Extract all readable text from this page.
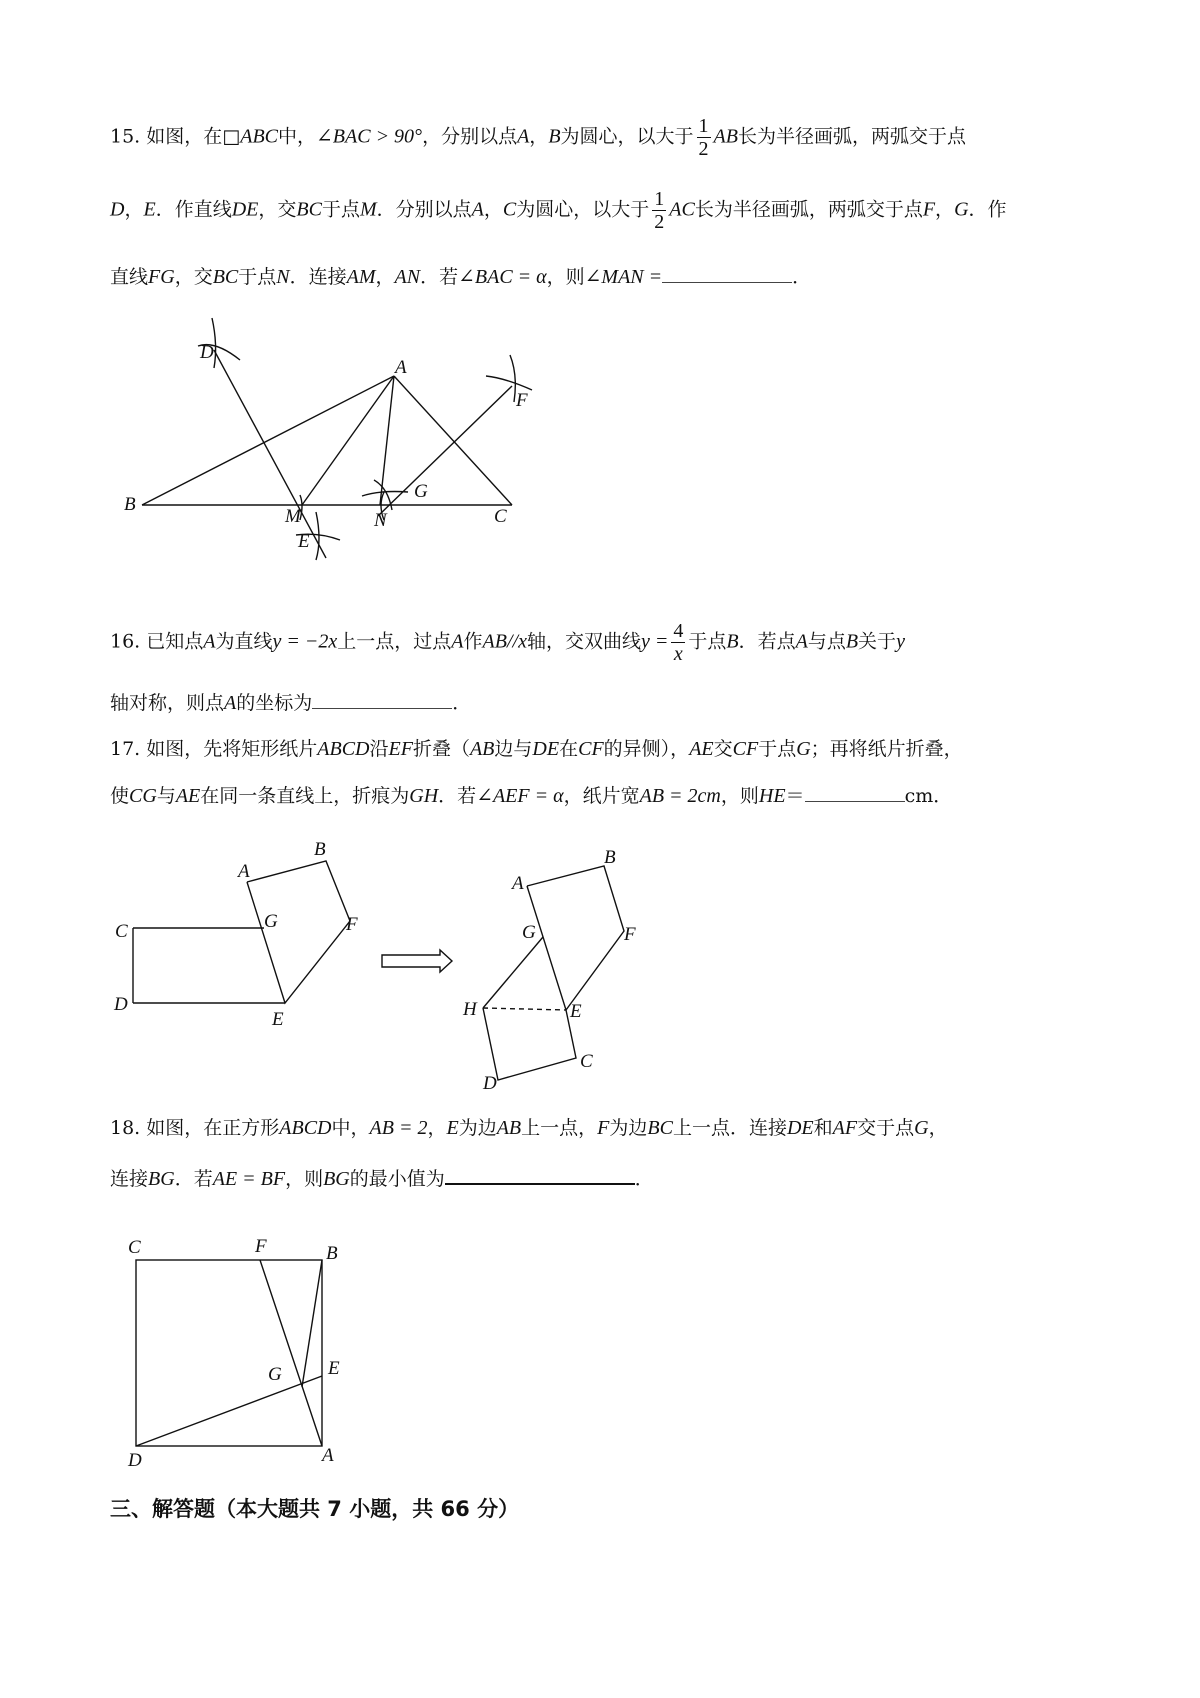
15. 如图，在□ABC中，∠BAC > 90°，分别以点A，B为圆心，以大于 $\frac{1}{2}$ AB长为半径画弧，两弧交于点
D，E．作直线DE，交BC于点M．分别以点A，C为圆心，以大于 $\frac{1}{2}$ AC长为半径画弧，两弧交于点F，G．作
直线FG，交BC于点N．连接AM，AN．若∠BAC = α，则∠MAN =	．
D
A
F
B
M
E
N
G
C
16. 已知点A为直线y = −2x上一点，过点A作AB//x轴，交双曲线$y = \frac{4}{x}$ 于点B．若点A与点B关于y
轴对称，则点A的坐标为	．
17. 如图，先将矩形纸片ABCD沿EF折叠（AB边与DE在CF的异侧），AE交CF于点G；再将纸片折叠，
使CG与AE在同一条直线上，折痕为GH．若∠AEF = α，纸片宽AB = 2cm，则HE＝	cm．
A
B
C	G	F
D
E
A
B
G	F
H	E
C
D
18. 如图，在正方形ABCD中，AB = 2，E为边AB上一点，F为边BC上一点．连接DE和AF交于点G，
连接BG．若AE = BF，则BG的最小值为	．
C	F	B
G E
D	A
三、解答题（本大题共 7 小题，共 66 分）
